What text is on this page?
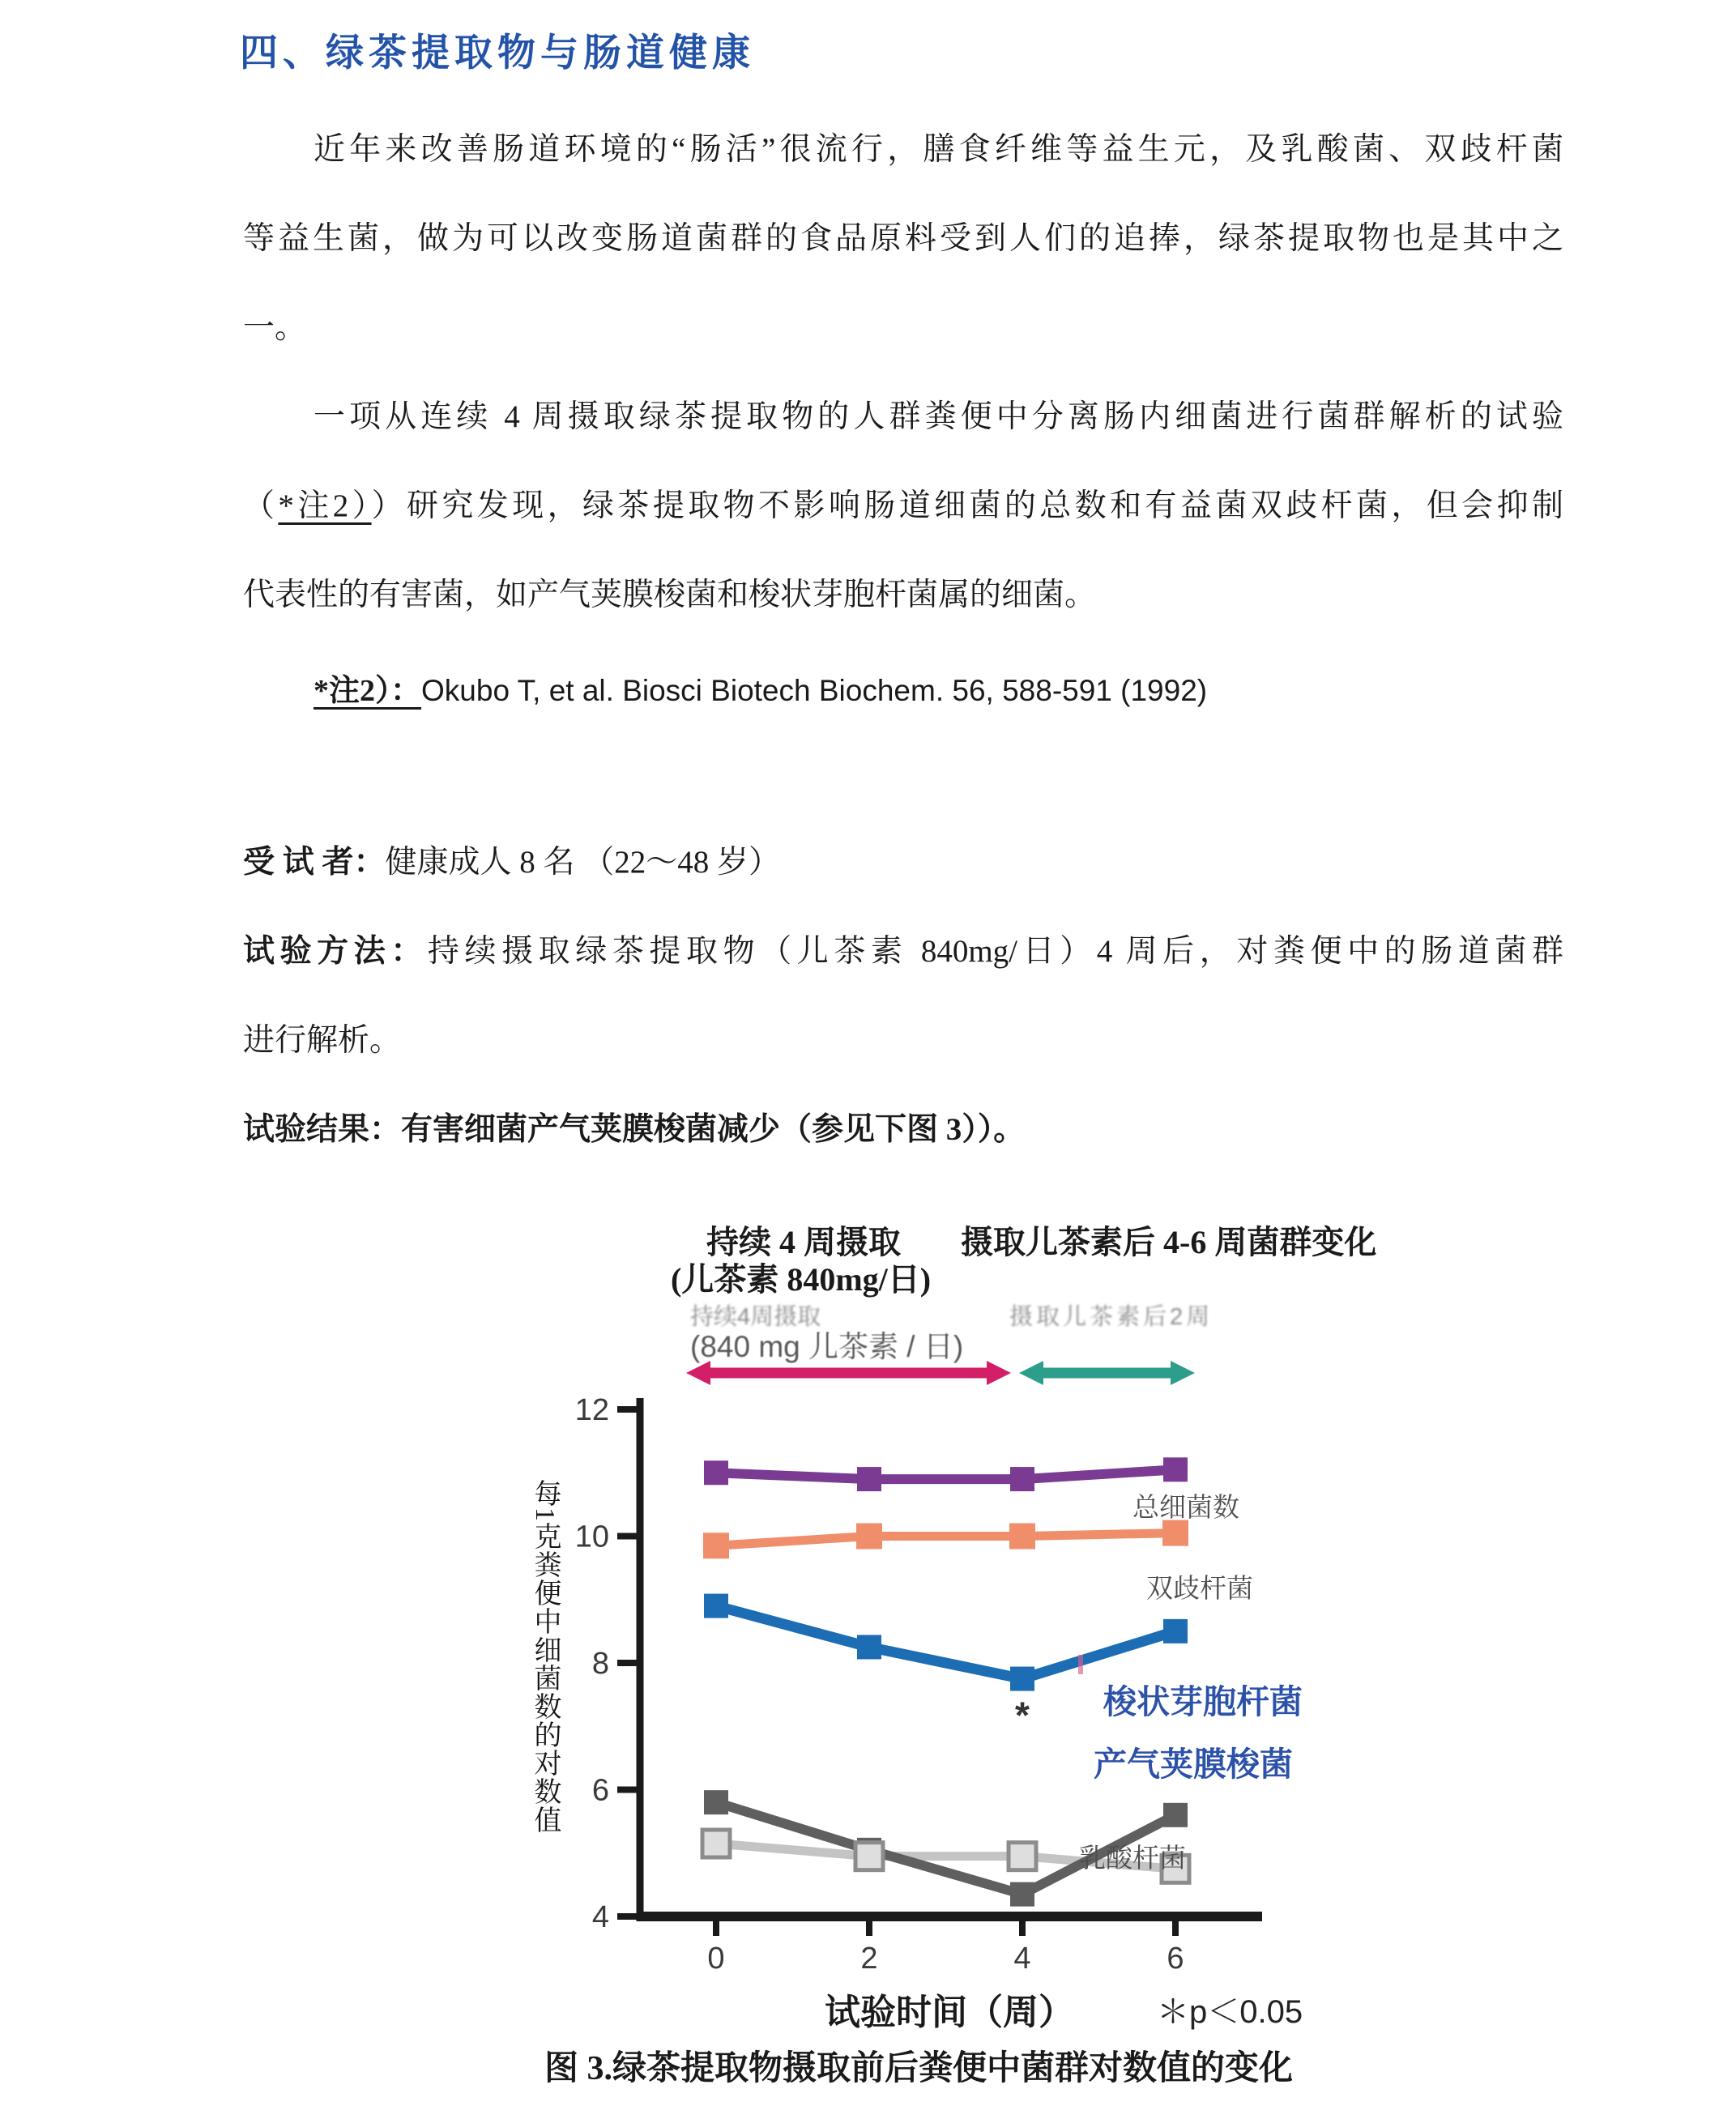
四、绿茶提取物与肠道健康
近年来改善肠道环境的“肠活”很流行，膳食纤维等益生元，及乳酸菌、双歧杆菌
等益生菌，做为可以改变肠道菌群的食品原料受到人们的追捧，绿茶提取物也是其中之
一。
一项从连续 4 周摄取绿茶提取物的人群粪便中分离肠内细菌进行菌群解析的试验
（*注2））研究发现，绿茶提取物不影响肠道细菌的总数和有益菌双歧杆菌，但会抑制
代表性的有害菌，如产气荚膜梭菌和梭状芽胞杆菌属的细菌。
*注2）：Okubo T, et al. Biosci Biotech Biochem. 56, 588-591 (1992)
受 试 者：健康成人 8 名 （22～48 岁）
试验方法：持续摄取绿茶提取物（儿茶素 840mg/日）4 周后，对粪便中的肠道菌群
进行解析。
试验结果：有害细菌产气荚膜梭菌减少（参见下图 3））。
持续 4 周摄取
(儿茶素 840mg/日)
摄取儿茶素后 4-6 周菌群变化
每1克粪便中细菌数的对数值
12
10
8
6
4
0	2	4	6
持续4周摄取
(840 mg 儿茶素 / 日)
摄取儿茶素后2周
总细菌数
双歧杆菌
梭状芽胞杆菌
产气荚膜梭菌
乳酸杆菌
*
试验时间（周）	＊p＜0.05
图 3.绿茶提取物摄取前后粪便中菌群对数值的变化
